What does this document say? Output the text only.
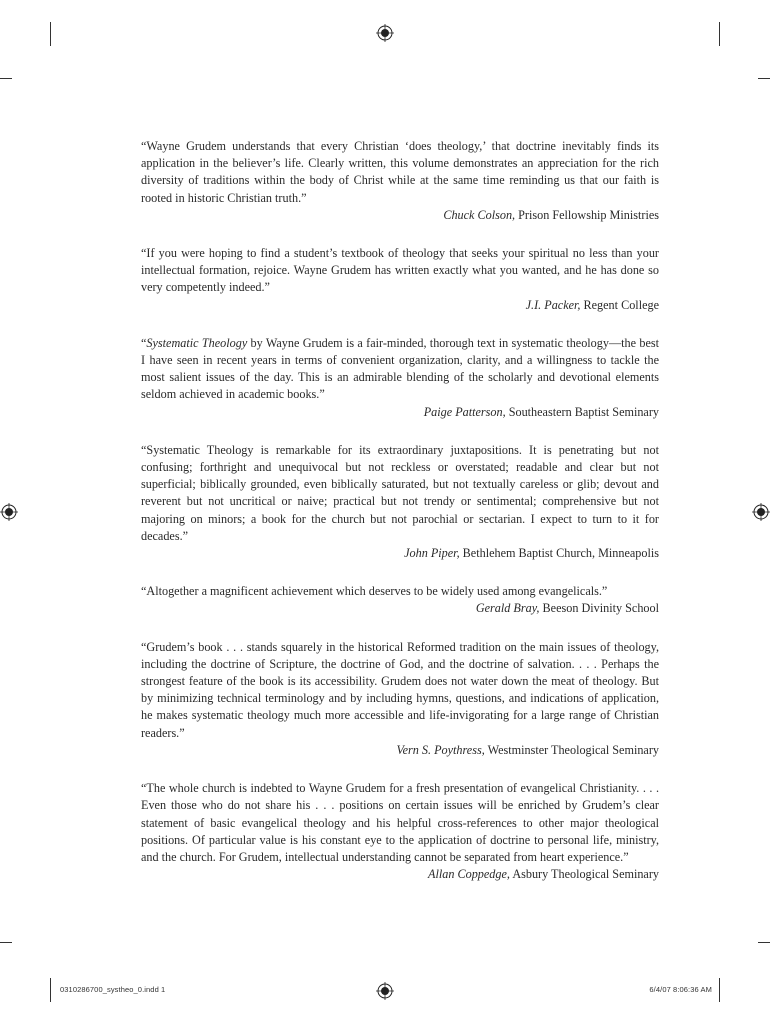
“Wayne Grudem understands that every Christian ‘does theology,’ that doctrine inevitably finds its application in the believer’s life. Clearly written, this volume demonstrates an appreciation for the rich diversity of traditions within the body of Christ while at the same time reminding us that our faith is rooted in historic Christian truth.”

Chuck Colson, Prison Fellowship Ministries

“If you were hoping to find a student’s textbook of theology that seeks your spiritual no less than your intellectual formation, rejoice. Wayne Grudem has written exactly what you wanted, and he has done so very competently indeed.”

J.I. Packer, Regent College

“Systematic Theology by Wayne Grudem is a fair-minded, thorough text in systematic theology—the best I have seen in recent years in terms of convenient organization, clarity, and a willingness to tackle the most salient issues of the day. This is an admirable blending of the scholarly and devotional elements seldom achieved in academic books.”

Paige Patterson, Southeastern Baptist Seminary

“Systematic Theology is remarkable for its extraordinary juxtapositions. It is penetrating but not confusing; forthright and unequivocal but not reckless or overstated; readable and clear but not superficial; biblically grounded, even biblically saturated, but not textually careless or glib; devout and reverent but not uncritical or naive; practical but not trendy or sentimental; comprehensive but not majoring on minors; a book for the church but not parochial or sectarian. I expect to turn to it for decades.”

John Piper, Bethlehem Baptist Church, Minneapolis

“Altogether a magnificent achievement which deserves to be widely used among evangelicals.”

Gerald Bray, Beeson Divinity School

“Grudem’s book . . . stands squarely in the historical Reformed tradition on the main issues of theology, including the doctrine of Scripture, the doctrine of God, and the doctrine of salvation. . . . Perhaps the strongest feature of the book is its accessibility. Grudem does not water down the meat of theology. But by minimizing technical terminology and by including hymns, questions, and indications of application, he makes systematic theology much more accessible and life-invigorating for a large range of Christian readers.”

Vern S. Poythress, Westminster Theological Seminary

“The whole church is indebted to Wayne Grudem for a fresh presentation of evangelical Christianity. . . . Even those who do not share his . . . positions on certain issues will be enriched by Grudem’s clear statement of basic evangelical theology and his helpful cross-references to other major theological positions. Of particular value is his constant eye to the application of doctrine to personal life, ministry, and the church. For Grudem, intellectual understanding cannot be separated from heart experience.”

Allan Coppedge, Asbury Theological Seminary
0310286700_systheo_0.indd 1	6/4/07 8:06:36 AM
